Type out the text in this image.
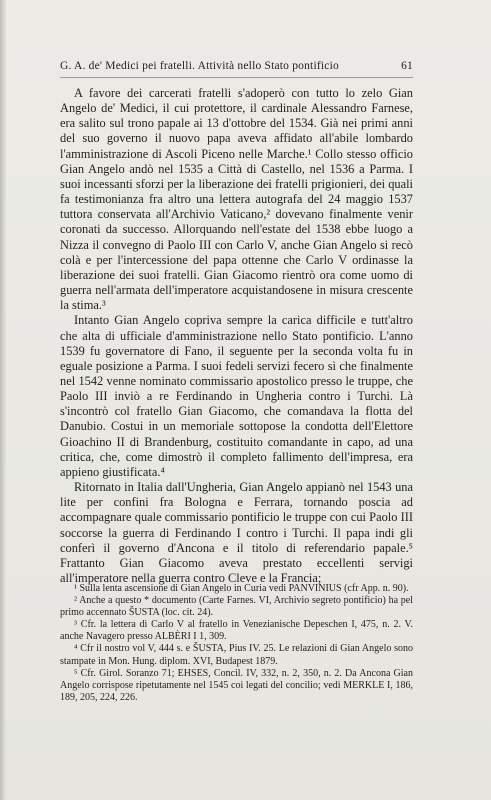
G. A. de' Medici pei fratelli. Attività nello Stato pontificio	61

A favore dei carcerati fratelli s'adoperò con tutto lo zelo Gian Angelo de' Medici, il cui protettore, il cardinale Alessandro Farnese, era salito sul trono papale ai 13 d'ottobre del 1534. Già nei primi anni del suo governo il nuovo papa aveva affidato all'abile lombardo l'amministrazione di Ascoli Piceno nelle Marche.¹ Collo stesso officio Gian Angelo andò nel 1535 a Città di Castello, nel 1536 a Parma. I suoi incessanti sforzi per la liberazione dei fratelli prigionieri, dei quali fa testimonianza fra altro una lettera autografa del 24 maggio 1537 tuttora conservata all'Archivio Vaticano,² dovevano finalmente venir coronati da successo. Allorquando nell'estate del 1538 ebbe luogo a Nizza il convegno di Paolo III con Carlo V, anche Gian Angelo si recò colà e per l'intercessione del papa ottenne che Carlo V ordinasse la liberazione dei suoi fratelli. Gian Giacomo rientrò ora come uomo di guerra nell'armata dell'imperatore acquistandosene in misura crescente la stima.³

Intanto Gian Angelo copriva sempre la carica difficile e tutt'altro che alta di ufficiale d'amministrazione nello Stato pontificio. L'anno 1539 fu governatore di Fano, il seguente per la seconda volta fu in eguale posizione a Parma. I suoi fedeli servizi fecero sì che finalmente nel 1542 venne nominato commissario apostolico presso le truppe, che Paolo III inviò a re Ferdinando in Ungheria contro i Turchi. Là s'incontrò col fratello Gian Giacomo, che comandava la flotta del Danubio. Costui in un memoriale sottopose la condotta dell'Elettore Gioachino II di Brandenburg, costituito comandante in capo, ad una critica, che, come dimostrò il completo fallimento dell'impresa, era appieno giustificata.⁴

Ritornato in Italia dall'Ungheria, Gian Angelo appianò nel 1543 una lite per confini fra Bologna e Ferrara, tornando poscia ad accompagnare quale commissario pontificio le truppe con cui Paolo III soccorse la guerra di Ferdinando I contro i Turchi. Il papa indi gli conferì il governo d'Ancona e il titolo di referendario papale.⁵ Frattanto Gian Giacomo aveva prestato eccellenti servigi all'imperatore nella guerra contro Cleve e la Francia;

¹ Sulla lenta ascensione di Gian Angelo in Curia vedi PANVINIUS (cfr App. n. 90).

² Anche a questo * documento (Carte Farnes. VI, Archivio segreto pontificio) ha pel primo accennato ŠUSTA (loc. cit. 24).

³ Cfr. la lettera di Carlo V al fratello in Venezianische Depeschen I, 475, n. 2. V. anche Navagero presso ALBÈRI I 1, 309.

⁴ Cfr il nostro vol V, 444 s. e ŠUSTA, Pius IV. 25. Le relazioni di Gian Angelo sono stampate in Mon. Hung. diplom. XVI, Budapest 1879.

⁵ Cfr. Girol. Soranzo 71; EHSES, Concil. IV, 332, n. 2, 350, n. 2. Da Ancona Gian Angelo corrispose ripetutamente nel 1545 coi legati del concilio; vedi MERKLE I, 186, 189, 205, 224, 226.
